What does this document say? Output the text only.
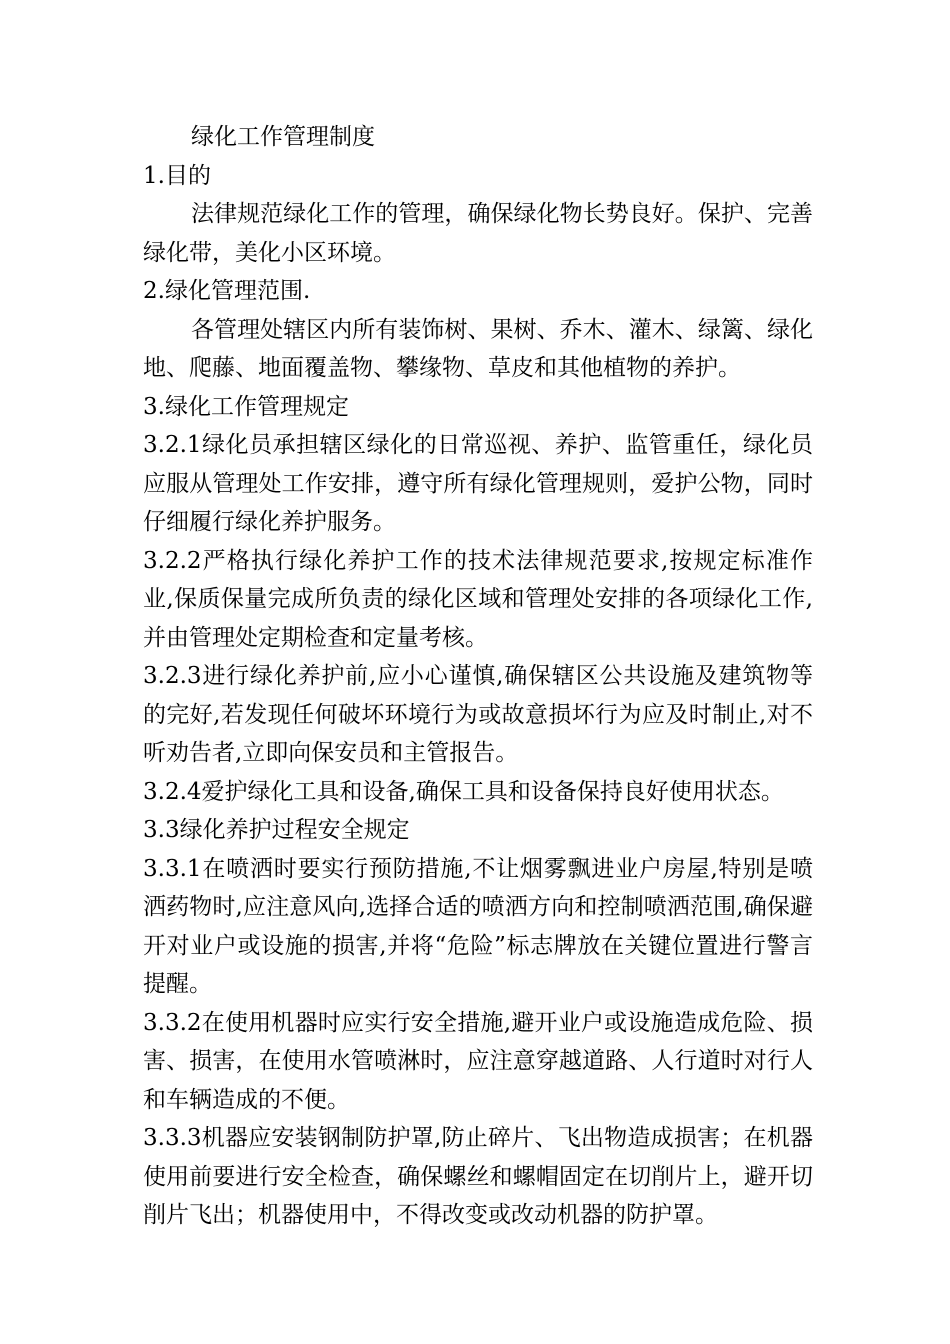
绿化工作管理制度

1.目的

法律规范绿化工作的管理，确保绿化物长势良好。保护、完善绿化带，美化小区环境。

2.绿化管理范围.

各管理处辖区内所有装饰树、果树、乔木、灌木、绿篱、绿化地、爬藤、地面覆盖物、攀缘物、草皮和其他植物的养护。

3.绿化工作管理规定

3.2.1绿化员承担辖区绿化的日常巡视、养护、监管重任，绿化员应服从管理处工作安排，遵守所有绿化管理规则，爱护公物，同时仔细履行绿化养护服务。

3.2.2严格执行绿化养护工作的技术法律规范要求,按规定标准作业,保质保量完成所负责的绿化区域和管理处安排的各项绿化工作,并由管理处定期检查和定量考核。

3.2.3进行绿化养护前,应小心谨慎,确保辖区公共设施及建筑物等的完好,若发现任何破坏环境行为或故意损坏行为应及时制止,对不听劝告者,立即向保安员和主管报告。

3.2.4爱护绿化工具和设备,确保工具和设备保持良好使用状态。

3.3绿化养护过程安全规定

3.3.1在喷洒时要实行预防措施,不让烟雾飘进业户房屋,特别是喷洒药物时,应注意风向,选择合适的喷洒方向和控制喷洒范围,确保避开对业户或设施的损害,并将“危险”标志牌放在关键位置进行警言提醒。

3.3.2在使用机器时应实行安全措施,避开业户或设施造成危险、损害、损害，在使用水管喷淋时，应注意穿越道路、人行道时对行人和车辆造成的不便。

3.3.3机器应安装钢制防护罩,防止碎片、飞出物造成损害；在机器使用前要进行安全检查，确保螺丝和螺帽固定在切削片上，避开切削片飞出；机器使用中，不得改变或改动机器的防护罩。
